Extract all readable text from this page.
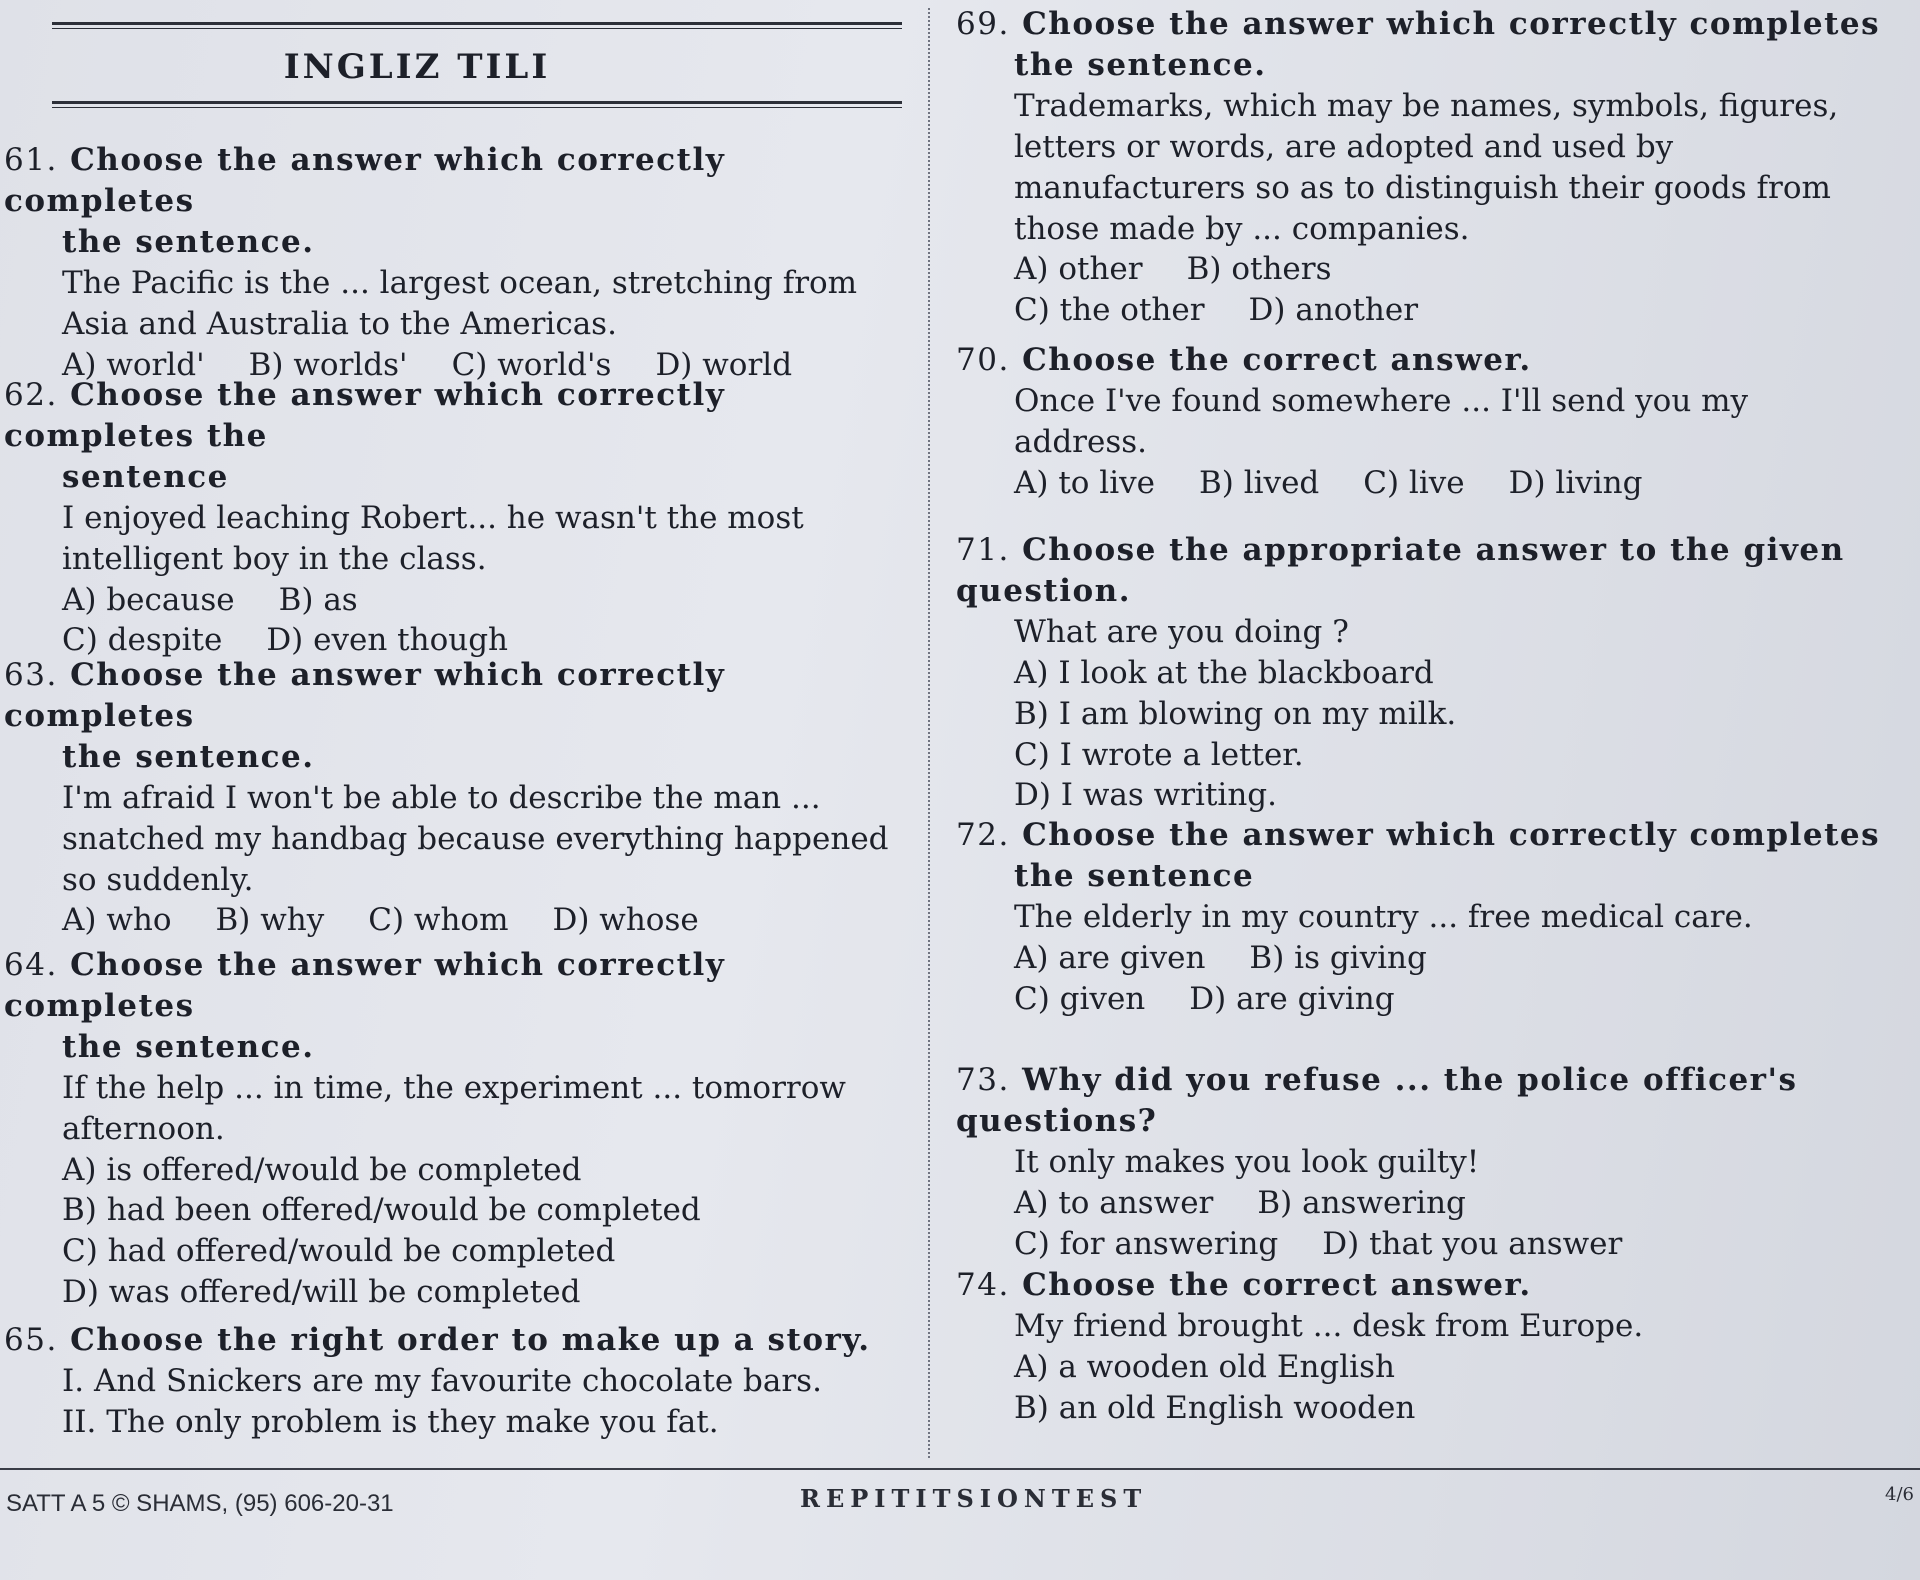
INGLIZ TILI
61. Choose the answer which correctly completes
the sentence.
The Pacific is the ... largest ocean, stretching from
Asia and Australia to the Americas.
A) world' B) worlds' C) world's D) world
62. Choose the answer which correctly completes the
sentence
I enjoyed leaching Robert... he wasn't the most
intelligent boy in the class.
A) because B) as
C) despite D) even though
63. Choose the answer which correctly completes
the sentence.
I'm afraid I won't be able to describe the man ...
snatched my handbag because everything happened
so suddenly.
A) who B) why C) whom D) whose
64. Choose the answer which correctly completes
the sentence.
If the help ... in time, the experiment ... tomorrow
afternoon.
A) is offered/would be completed
B) had been offered/would be completed
C) had offered/would be completed
D) was offered/will be completed
65. Choose the right order to make up a story.
I. And Snickers are my favourite chocolate bars.
II. The only problem is they make you fat.
69. Choose the answer which correctly completes
the sentence.
Trademarks, which may be names, symbols, figures,
letters or words, are adopted and used by
manufacturers so as to distinguish their goods from
those made by ... companies.
A) other B) others
C) the other D) another
70. Choose the correct answer.
Once I've found somewhere ... I'll send you my
address.
A) to live B) lived C) live D) living
71. Choose the appropriate answer to the given question.
What are you doing ?
A) I look at the blackboard
B) I am blowing on my milk.
C) I wrote a letter.
D) I was writing.
72. Choose the answer which correctly completes
the sentence
The elderly in my country ... free medical care.
A) are given B) is giving
C) given D) are giving
73. Why did you refuse ... the police officer's questions?
It only makes you look guilty!
A) to answer B) answering
C) for answering D) that you answer
74. Choose the correct answer.
My friend brought ... desk from Europe.
A) a wooden old English
B) an old English wooden
SATT A 5 © SHAMS, (95) 606-20-31	REPITITSIONTEST	4/6
